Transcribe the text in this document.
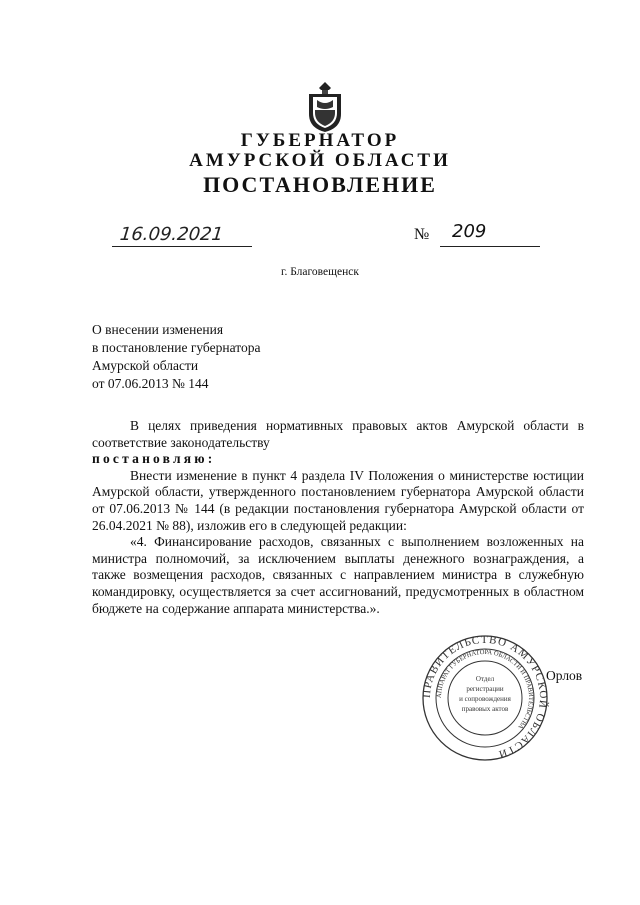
ГУБЕРНАТОР
АМУРСКОЙ ОБЛАСТИ
ПОСТАНОВЛЕНИЕ
16.09.2021	№ 209
г. Благовещенск
О внесении изменения
в постановление губернатора
Амурской области
от 07.06.2013 № 144

В целях приведения нормативных правовых актов Амурской области в соответствие законодательству

постановляю:

Внести изменение в пункт 4 раздела IV Положения о министерстве юстиции Амурской области, утвержденного постановлением губернатора Амурской области от 07.06.2013 № 144 (в редакции постановления губернатора Амурской области от 26.04.2021 № 88), изложив его в следующей редакции:

«4. Финансирование расходов, связанных с выполнением возложенных на министра полномочий, за исключением выплаты денежного вознаграждения, а также возмещения расходов, связанных с направлением министра в служебную командировку, осуществляется за счет ассигнований, предусмотренных в областном бюджете на содержание аппарата министерства.».

ПРАВИТЕЛЬСТВО АМУРСКОЙ ОБЛАСТИ
АППАРАТ ГУБЕРНАТОРА ОБЛАСТИ И ПРАВИТЕЛЬСТВА
Отдел
регистрации
и сопровождения
правовых актов
Орлов
